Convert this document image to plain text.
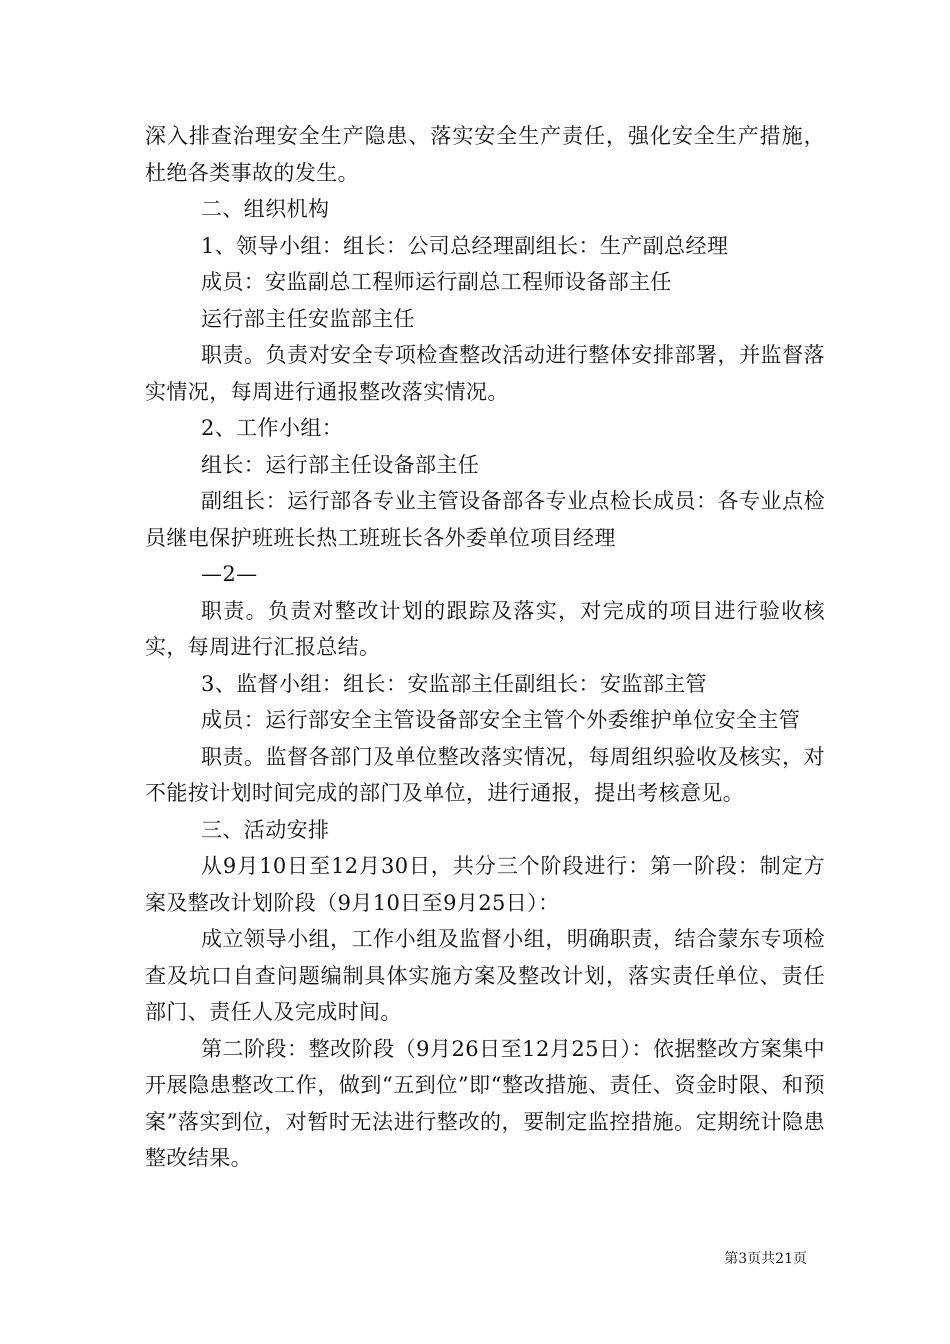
深入排查治理安全生产隐患、落实安全生产责任，强化安全生产措施，杜绝各类事故的发生。

二、组织机构

1、领导小组：组长：公司总经理副组长：生产副总经理

成员：安监副总工程师运行副总工程师设备部主任

运行部主任安监部主任

职责。负责对安全专项检查整改活动进行整体安排部署，并监督落实情况，每周进行通报整改落实情况。

2、工作小组：

组长：运行部主任设备部主任

副组长：运行部各专业主管设备部各专业点检长成员：各专业点检员继电保护班班长热工班班长各外委单位项目经理

—2—

职责。负责对整改计划的跟踪及落实，对完成的项目进行验收核实，每周进行汇报总结。

3、监督小组：组长：安监部主任副组长：安监部主管

成员：运行部安全主管设备部安全主管个外委维护单位安全主管

职责。监督各部门及单位整改落实情况，每周组织验收及核实，对不能按计划时间完成的部门及单位，进行通报，提出考核意见。

三、活动安排

从9月10日至12月30日，共分三个阶段进行：第一阶段：制定方案及整改计划阶段（9月10日至9月25日）：

成立领导小组，工作小组及监督小组，明确职责，结合蒙东专项检查及坑口自查问题编制具体实施方案及整改计划，落实责任单位、责任部门、责任人及完成时间。

第二阶段：整改阶段（9月26日至12月25日）：依据整改方案集中开展隐患整改工作，做到“五到位”即“整改措施、责任、资金时限、和预案”落实到位，对暂时无法进行整改的，要制定监控措施。定期统计隐患整改结果。

第3页共21页
